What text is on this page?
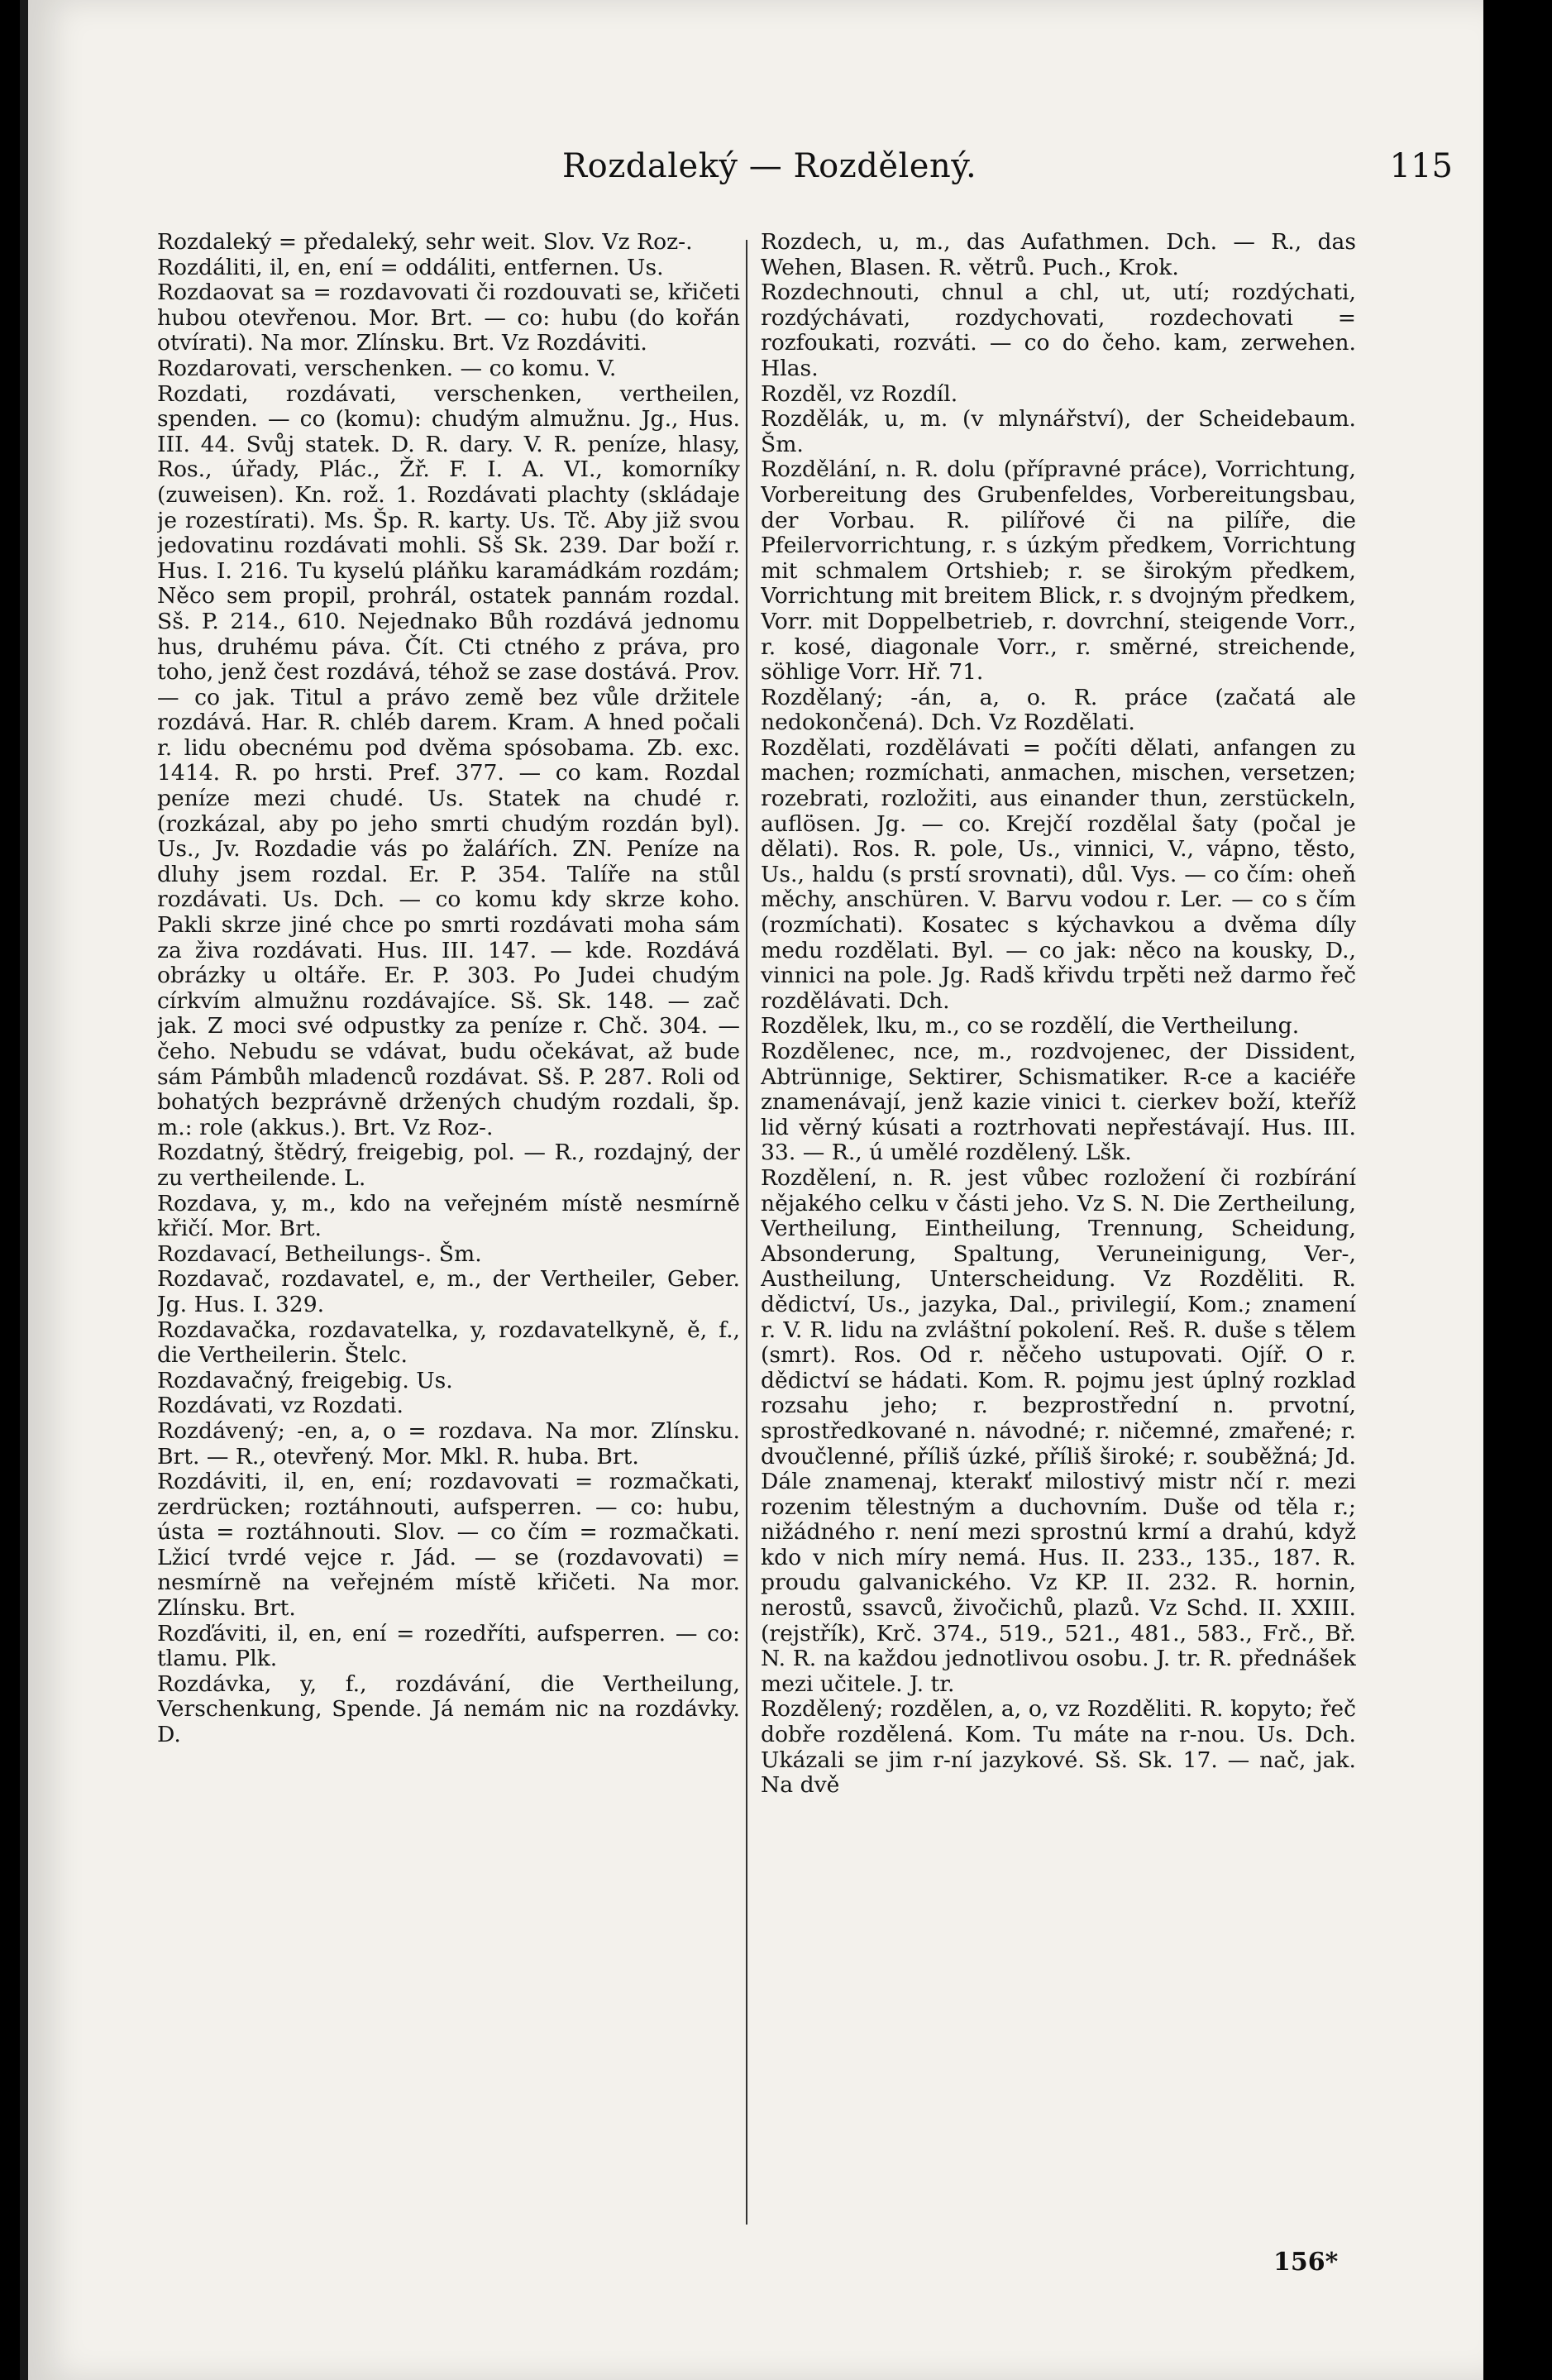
Rozdaleký — Rozdělený.	115

Rozdaleký = předaleký, sehr weit. Slov. Vz Roz-.

Rozdáliti, il, en, ení = oddáliti, entfernen. Us.

Rozdaovat sa = rozdavovati či rozdouvati se, křičeti hubou otevřenou. Mor. Brt. — co: hubu (do kořán otvírati). Na mor. Zlínsku. Brt. Vz Rozdáviti.

Rozdarovati, verschenken. — co komu. V.

Rozdati, rozdávati, verschenken, vertheilen, spenden. — co (komu): chudým almužnu. Jg., Hus. III. 44. Svůj statek. D. R. dary. V. R. peníze, hlasy, Ros., úřady, Plác., Žř. F. I. A. VI., komorníky (zuweisen). Kn. rož. 1. Rozdávati plachty (skládaje je rozestírati). Ms. Šp. R. karty. Us. Tč. Aby již svou jedovatinu rozdávati mohli. Sš Sk. 239. Dar boží r. Hus. I. 216. Tu kyselú pláňku karamádkám rozdám; Něco sem propil, prohrál, ostatek pannám rozdal. Sš. P. 214., 610. Nejednako Bůh rozdává jednomu hus, druhému páva. Čít. Cti ctného z práva, pro toho, jenž čest rozdává, téhož se zase dostává. Prov. — co jak. Titul a právo země bez vůle držitele rozdává. Har. R. chléb darem. Kram. A hned počali r. lidu obecnému pod dvěma spósobama. Zb. exc. 1414. R. po hrsti. Pref. 377. — co kam. Rozdal peníze mezi chudé. Us. Statek na chudé r. (rozkázal, aby po jeho smrti chudým rozdán byl). Us., Jv. Rozdadie vás po žaláŕích. ZN. Peníze na dluhy jsem rozdal. Er. P. 354. Talíře na stůl rozdávati. Us. Dch. — co komu kdy skrze koho. Pakli skrze jiné chce po smrti rozdávati moha sám za živa rozdávati. Hus. III. 147. — kde. Rozdává obrázky u oltáře. Er. P. 303. Po Judei chudým církvím almužnu rozdávajíce. Sš. Sk. 148. — zač jak. Z moci své odpustky za peníze r. Chč. 304. — čeho. Nebudu se vdávat, budu očekávat, až bude sám Pámbůh mladenců rozdávat. Sš. P. 287. Roli od bohatých bezprávně držených chudým rozdali, šp. m.: role (akkus.). Brt. Vz Roz-.

Rozdatný, štědrý, freigebig, pol. — R., rozdajný, der zu vertheilende. L.

Rozdava, y, m., kdo na veřejném místě nesmírně křičí. Mor. Brt.

Rozdavací, Betheilungs-. Šm.

Rozdavač, rozdavatel, e, m., der Vertheiler, Geber. Jg. Hus. I. 329.

Rozdavačka, rozdavatelka, y, rozdavatelkyně, ě, f., die Vertheilerin. Štelc.

Rozdavačný, freigebig. Us.

Rozdávati, vz Rozdati.

Rozdávený; -en, a, o = rozdava. Na mor. Zlínsku. Brt. — R., otevřený. Mor. Mkl. R. huba. Brt.

Rozdáviti, il, en, ení; rozdavovati = rozmačkati, zerdrücken; roztáhnouti, aufsperren. — co: hubu, ústa = roztáhnouti. Slov. — co čím = rozmačkati. Lžicí tvrdé vejce r. Jád. — se (rozdavovati) = nesmírně na veřejném místě křičeti. Na mor. Zlínsku. Brt.

Rozďáviti, il, en, ení = rozedříti, aufsperren. — co: tlamu. Plk.

Rozdávka, y, f., rozdávání, die Vertheilung, Verschenkung, Spende. Já nemám nic na rozdávky. D.

Rozdech, u, m., das Aufathmen. Dch. — R., das Wehen, Blasen. R. větrů. Puch., Krok.

Rozdechnouti, chnul a chl, ut, utí; rozdýchati, rozdýchávati, rozdychovati, rozdechovati = rozfoukati, rozváti. — co do čeho. kam, zerwehen. Hlas.

Rozděl, vz Rozdíl.

Rozdělák, u, m. (v mlynářství), der Scheidebaum. Šm.

Rozdělání, n. R. dolu (přípravné práce), Vorrichtung, Vorbereitung des Grubenfeldes, Vorbereitungsbau, der Vorbau. R. pilířové či na pilíře, die Pfeilervorrichtung, r. s úzkým předkem, Vorrichtung mit schmalem Ortshieb; r. se širokým předkem, Vorrichtung mit breitem Blick, r. s dvojným předkem, Vorr. mit Doppelbetrieb, r. dovrchní, steigende Vorr., r. kosé, diagonale Vorr., r. směrné, streichende, söhlige Vorr. Hř. 71.

Rozdělaný; -án, a, o. R. práce (začatá ale nedokončená). Dch. Vz Rozdělati.

Rozdělati, rozdělávati = počíti dělati, anfangen zu machen; rozmíchati, anmachen, mischen, versetzen; rozebrati, rozložiti, aus einander thun, zerstückeln, auflösen. Jg. — co. Krejčí rozdělal šaty (počal je dělati). Ros. R. pole, Us., vinnici, V., vápno, těsto, Us., haldu (s prstí srovnati), důl. Vys. — co čím: oheň měchy, anschüren. V. Barvu vodou r. Ler. — co s čím (rozmíchati). Kosatec s kýchavkou a dvěma díly medu rozdělati. Byl. — co jak: něco na kousky, D., vinnici na pole. Jg. Radš křivdu trpěti než darmo řeč rozdělávati. Dch.

Rozdělek, lku, m., co se rozdělí, die Vertheilung.

Rozdělenec, nce, m., rozdvojenec, der Dissident, Abtrünnige, Sektirer, Schismatiker. R-ce a kaciéře znamenávají, jenž kazie vinici t. cierkev boží, kteříž lid věrný kúsati a roztrhovati nepřestávají. Hus. III. 33. — R., ú umělé rozdělený. Lšk.

Rozdělení, n. R. jest vůbec rozložení či rozbírání nějakého celku v části jeho. Vz S. N. Die Zertheilung, Vertheilung, Eintheilung, Trennung, Scheidung, Absonderung, Spaltung, Veruneinigung, Ver-, Austheilung, Unterscheidung. Vz Rozděliti. R. dědictví, Us., jazyka, Dal., privilegií, Kom.; znamení r. V. R. lidu na zvláštní pokolení. Reš. R. duše s tělem (smrt). Ros. Od r. něčeho ustupovati. Ojíř. O r. dědictví se hádati. Kom. R. pojmu jest úplný rozklad rozsahu jeho; r. bezprostřední n. prvotní, sprostředkované n. návodné; r. ničemné, zmařené; r. dvoučlenné, příliš úzké, příliš široké; r. souběžná; Jd. Dále znamenaj, kterakť milostivý mistr nčí r. mezi rozenim tělestným a duchovním. Duše od těla r.; nižádného r. není mezi sprostnú krmí a drahú, když kdo v nich míry nemá. Hus. II. 233., 135., 187. R. proudu galvanického. Vz KP. II. 232. R. hornin, nerostů, ssavců, živočichů, plazů. Vz Schd. II. XXIII. (rejstřík), Krč. 374., 519., 521., 481., 583., Frč., Bř. N. R. na každou jednotlivou osobu. J. tr. R. přednášek mezi učitele. J. tr.

Rozdělený; rozdělen, a, o, vz Rozděliti. R. kopyto; řeč dobře rozdělená. Kom. Tu máte na r-nou. Us. Dch. Ukázali se jim r-ní jazykové. Sš. Sk. 17. — nač, jak. Na dvě

156*
